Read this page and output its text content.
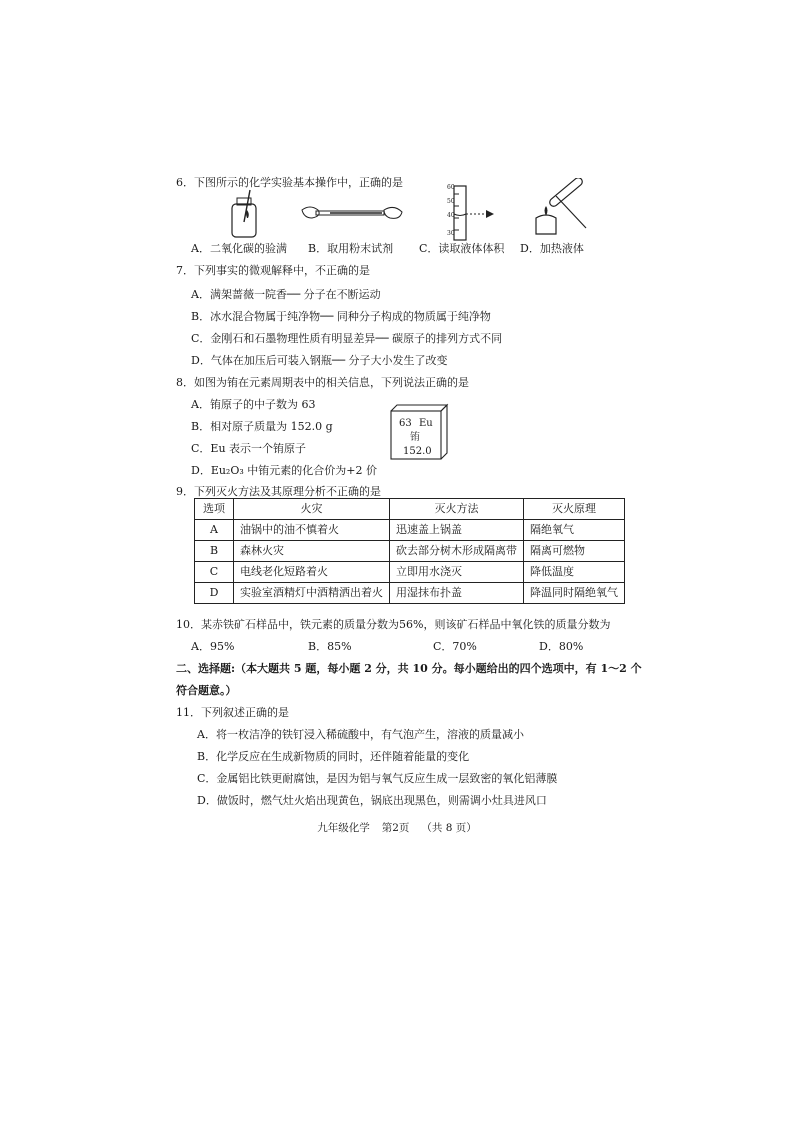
6．下图所示的化学实验基本操作中，正确的是	60
50
40
30
A．二氧化碳的验满 B．取用粉末试剂 C．读取液体体积 D．加热液体
7．下列事实的微观解释中，不正确的是
A．满架蔷薇一院香── 分子在不断运动
B．冰水混合物属于纯净物── 同种分子构成的物质属于纯净物
C．金刚石和石墨物理性质有明显差异── 碳原子的排列方式不同
D．气体在加压后可装入钢瓶── 分子大小发生了改变
8．如图为铕在元素周期表中的相关信息，下列说法正确的是
A．铕原子的中子数为 63
B．相对原子质量为 152.0 g
C．Eu 表示一个铕原子
D．Eu₂O₃ 中铕元素的化合价为+2 价
63 Eu
铕
152.0
9．下列灭火方法及其原理分析不正确的是
选项	火灾	灭火方法	灭火原理
A	油锅中的油不慎着火	迅速盖上锅盖	隔绝氧气
B	森林火灾	砍去部分树木形成隔离带	隔离可燃物
C	电线老化短路着火	立即用水浇灭	降低温度
D	实验室酒精灯中酒精洒出着火	用湿抹布扑盖	降温同时隔绝氧气
10．某赤铁矿石样品中，铁元素的质量分数为56%，则该矿石样品中氧化铁的质量分数为
A．95%	B．85%	C．70%	D．80%
二、选择题:（本大题共 5 题，每小题 2 分，共 10 分。每小题给出的四个选项中，有 1～2 个
符合题意。）
11．下列叙述正确的是
A．将一枚洁净的铁钉浸入稀硫酸中，有气泡产生，溶液的质量减小
B．化学反应在生成新物质的同时，还伴随着能量的变化
C．金属铝比铁更耐腐蚀，是因为铝与氧气反应生成一层致密的氧化铝薄膜
D．做饭时，燃气灶火焰出现黄色，锅底出现黑色，则需调小灶具进风口
九年级化学 第2页 （共 8 页）
